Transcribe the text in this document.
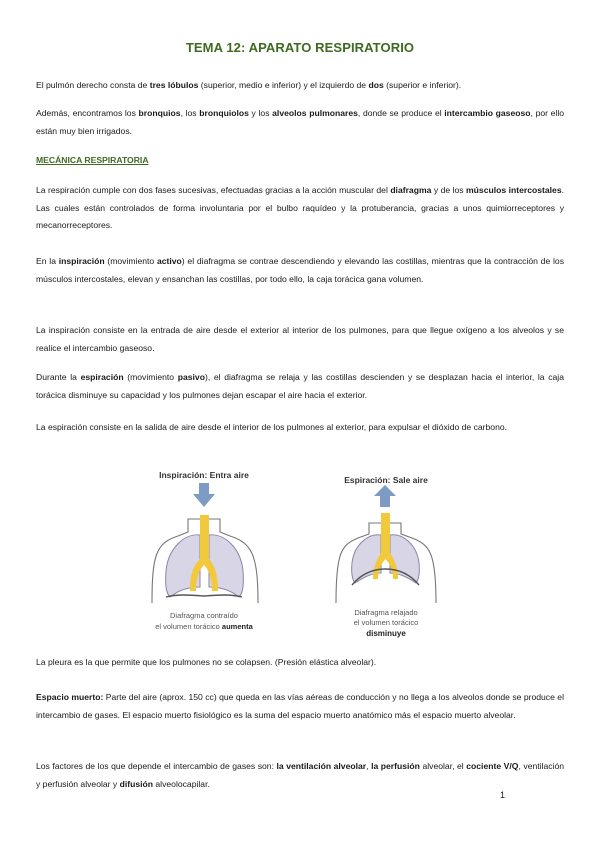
TEMA 12: APARATO RESPIRATORIO

El pulmón derecho consta de tres lóbulos (superior, medio e inferior) y el izquierdo de dos (superior e inferior).

Además, encontramos los bronquios, los bronquiolos y los alveolos pulmonares, donde se produce el intercambio gaseoso, por ello están muy bien irrigados.

MECÁNICA RESPIRATORIA

La respiración cumple con dos fases sucesivas, efectuadas gracias a la acción muscular del diafragma y de los músculos intercostales. Las cuales están controlados de forma involuntaria por el bulbo raquídeo y la protuberancia, gracias a unos quimiorreceptores y mecanorreceptores.

En la inspiración (movimiento activo) el diafragma se contrae descendiendo y elevando las costillas, mientras que la contracción de los músculos intercostales, elevan y ensanchan las costillas, por todo ello, la caja torácica gana volumen.

La inspiración consiste en la entrada de aire desde el exterior al interior de los pulmones, para que llegue oxígeno a los alveolos y se realice el intercambio gaseoso.

Durante la espiración (movimiento pasivo), el diafragma se relaja y las costillas descienden y se desplazan hacia el interior, la caja torácica disminuye su capacidad y los pulmones dejan escapar el aire hacia el exterior.

La espiración consiste en la salida de aire desde el interior de los pulmones al exterior, para expulsar el dióxido de carbono.

Inspiración: Entra aire
Diafragma contraído
el volumen torácico aumenta
Espiración: Sale aire
Diafragma relajado
el volumen torácico
disminuye

La pleura es la que permite que los pulmones no se colapsen. (Presión elástica alveolar).

Espacio muerto: Parte del aire (aprox. 150 cc) que queda en las vías aéreas de conducción y no llega a los alveolos donde se produce el intercambio de gases. El espacio muerto fisiológico es la suma del espacio muerto anatómico más el espacio muerto alveolar.

Los factores de los que depende el intercambio de gases son: la ventilación alveolar, la perfusión alveolar, el cociente V/Q, ventilación y perfusión alveolar y difusión alveolocapilar.

1
